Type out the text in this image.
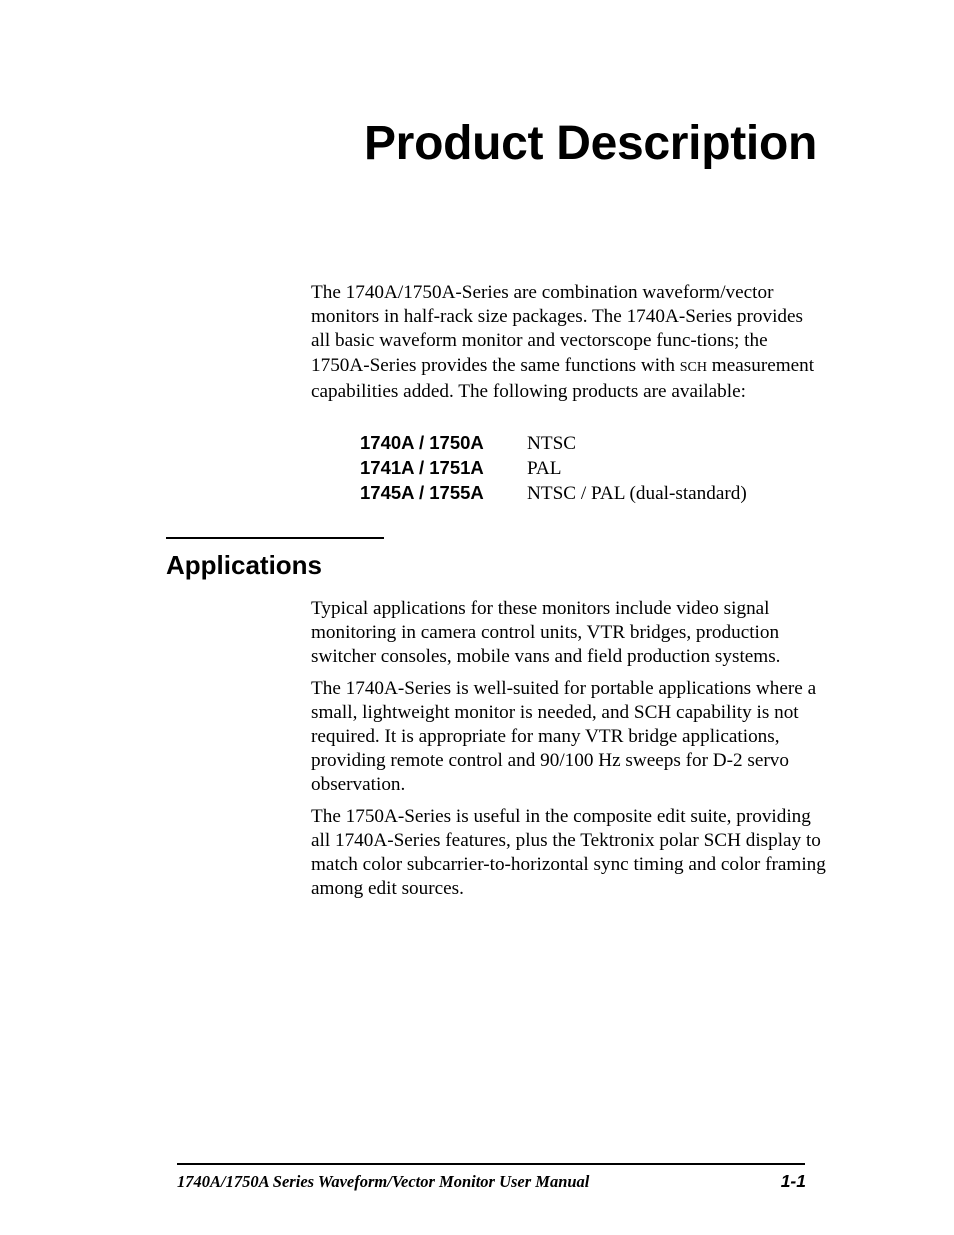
Product Description

The 1740A/1750A-Series are combination waveform/vector monitors in half-rack size packages. The 1740A-Series provides all basic waveform monitor and vectorscope func-tions; the 1750A-Series provides the same functions with SCH measurement capabilities added. The following products are available:

1740A / 1750A	NTSC
1741A / 1751A	PAL
1745A / 1755A	NTSC / PAL (dual-standard)
Applications

Typical applications for these monitors include video signal monitoring in camera control units, VTR bridges, production switcher consoles, mobile vans and field production systems.

The 1740A-Series is well-suited for portable applications where a small, lightweight monitor is needed, and SCH capability is not required. It is appropriate for many VTR bridge applications, providing remote control and 90/100 Hz sweeps for D-2 servo observation.

The 1750A-Series is useful in the composite edit suite, providing all 1740A-Series features, plus the Tektronix polar SCH display to match color subcarrier-to-horizontal sync timing and color framing among edit sources.

1740A/1750A Series Waveform/Vector Monitor User Manual	1-1
